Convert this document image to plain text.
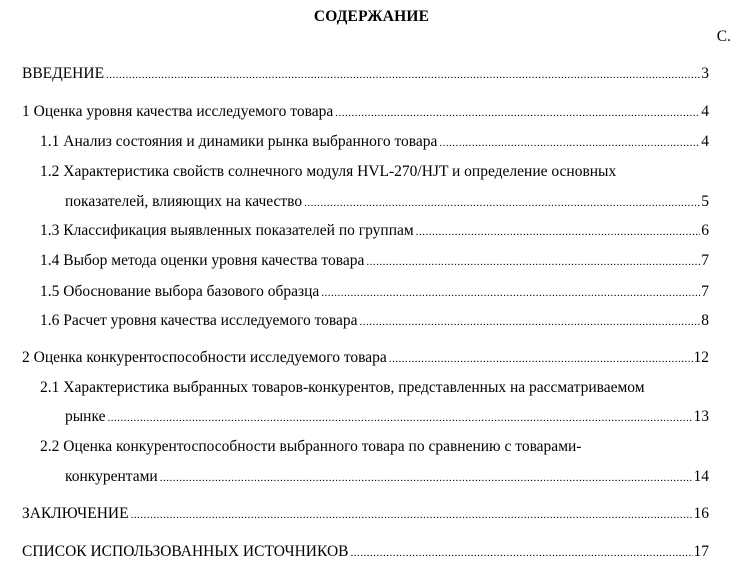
СОДЕРЖАНИЕ
С.
ВВЕДЕНИЕ .....	3
1 Оценка уровня качества исследуемого товара .....	4
1.1 Анализ состояния и динамики рынка выбранного товара .....	4
1.2 Характеристика свойств солнечного модуля HVL-270/HJT и определение основных
показателей, влияющих на качество .....	5
1.3 Классификация выявленных показателей по группам .....	6
1.4 Выбор метода оценки уровня качества товара .....	7
1.5 Обоснование выбора базового образца .....	7
1.6 Расчет уровня качества исследуемого товара .....	8
2 Оценка конкурентоспособности исследуемого товара .....	12
2.1 Характеристика выбранных товаров-конкурентов, представленных на рассматриваемом
рынке .....	13
2.2 Оценка конкурентоспособности выбранного товара по сравнению с товарами-
конкурентами .....	14
ЗАКЛЮЧЕНИЕ .....	16
СПИСОК ИСПОЛЬЗОВАННЫХ ИСТОЧНИКОВ .....	17
